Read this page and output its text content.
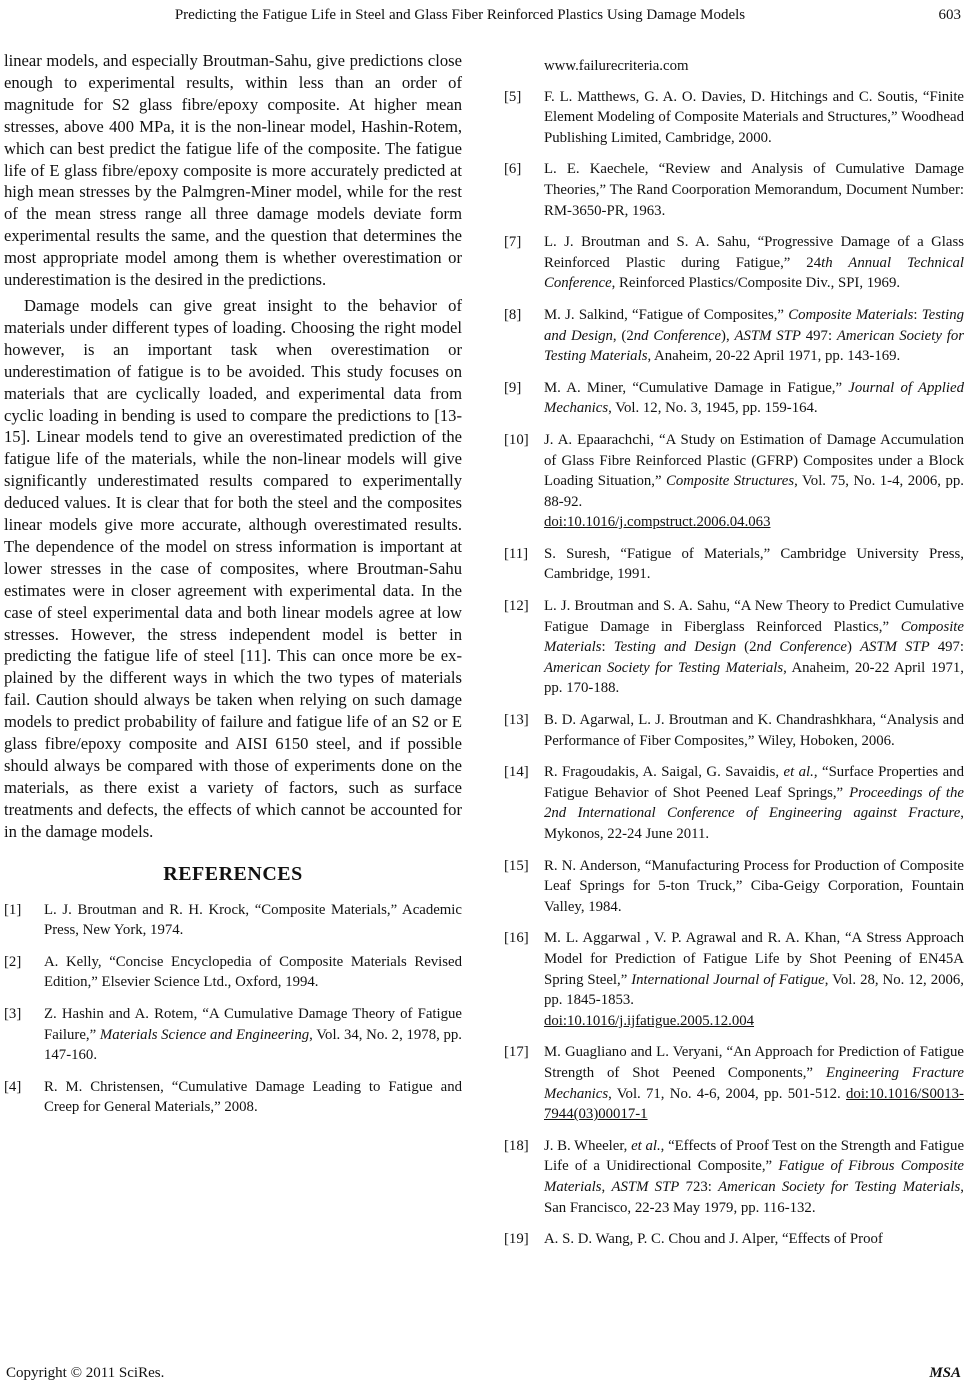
Predicting the Fatigue Life in Steel and Glass Fiber Reinforced Plastics Using Damage Models	603

linear models, and especially Broutman-Sahu, give predictions close enough to experimental results, within less than an order of magnitude for S2 glass fibre/epoxy composite. At higher mean stresses, above 400 MPa, it is the non-linear model, Hashin-Rotem, which can best predict the fatigue life of the composite. The fatigue life of E glass fibre/epoxy composite is more accurately predicted at high mean stresses by the Palmgren-Miner model, while for the rest of the mean stress range all three damage models deviate form experimental results the same, and the question that determines the most appropriate model among them is whether overestimation or underestimation is the desired in the predictions.

Damage models can give great insight to the behavior of materials under different types of loading. Choosing the right model however, is an important task when overestimation or underestimation of fatigue is to be avoided. This study focuses on materials that are cyclically loaded, and experimental data from cyclic loading in bending is used to compare the predictions to [13-15]. Linear models tend to give an overestimated prediction of the fatigue life of the materials, while the non-linear models will give significantly underestimated results compared to experimentally deduced values. It is clear that for both the steel and the composites linear models give more accurate, although overestimated results. The dependence of the model on stress information is important at lower stresses in the case of composites, where Broutman-Sahu estimates were in closer agreement with experimental data. In the case of steel experimental data and both linear models agree at low stresses. However, the stress independent model is better in predicting the fatigue life of steel [11]. This can once more be explained by the different ways in which the two types of materials fail. Caution should always be taken when relying on such damage models to predict probability of failure and fatigue life of an S2 or E glass fibre/epoxy composite and AISI 6150 steel, and if possible should always be compared with those of experiments done on the materials, as there exist a variety of factors, such as surface treatments and defects, the effects of which cannot be accounted for in the damage models.

REFERENCES
[1] L. J. Broutman and R. H. Krock, “Composite Materials,” Academic Press, New York, 1974.
[2] A. Kelly, “Concise Encyclopedia of Composite Materials Revised Edition,” Elsevier Science Ltd., Oxford, 1994.
[3] Z. Hashin and A. Rotem, “A Cumulative Damage Theory of Fatigue Failure,” Materials Science and Engineering, Vol. 34, No. 2, 1978, pp. 147-160.
[4] R. M. Christensen, “Cumulative Damage Leading to Fatigue and Creep for General Materials,” 2008.
www.failurecriteria.com
[5] F. L. Matthews, G. A. O. Davies, D. Hitchings and C. Soutis, “Finite Element Modeling of Composite Materials and Structures,” Woodhead Publishing Limited, Cambridge, 2000.
[6] L. E. Kaechele, “Review and Analysis of Cumulative Damage Theories,” The Rand Coorporation Memorandum, Document Number: RM-3650-PR, 1963.
[7] L. J. Broutman and S. A. Sahu, “Progressive Damage of a Glass Reinforced Plastic during Fatigue,” 24th Annual Technical Conference, Reinforced Plastics/Composite Div., SPI, 1969.
[8] M. J. Salkind, “Fatigue of Composites,” Composite Materials: Testing and Design, (2nd Conference), ASTM STP 497: American Society for Testing Materials, Anaheim, 20-22 April 1971, pp. 143-169.
[9] M. A. Miner, “Cumulative Damage in Fatigue,” Journal of Applied Mechanics, Vol. 12, No. 3, 1945, pp. 159-164.
[10] J. A. Epaarachchi, “A Study on Estimation of Damage Accumulation of Glass Fibre Reinforced Plastic (GFRP) Composites under a Block Loading Situation,” Composite Structures, Vol. 75, No. 1-4, 2006, pp. 88-92.
doi:10.1016/j.compstruct.2006.04.063
[11] S. Suresh, “Fatigue of Materials,” Cambridge University Press, Cambridge, 1991.
[12] L. J. Broutman and S. A. Sahu, “A New Theory to Predict Cumulative Fatigue Damage in Fiberglass Reinforced Plastics,” Composite Materials: Testing and Design (2nd Conference) ASTM STP 497: American Society for Testing Materials, Anaheim, 20-22 April 1971, pp. 170-188.
[13] B. D. Agarwal, L. J. Broutman and K. Chandrashkhara, “Analysis and Performance of Fiber Composites,” Wiley, Hoboken, 2006.
[14] R. Fragoudakis, A. Saigal, G. Savaidis, et al., “Surface Properties and Fatigue Behavior of Shot Peened Leaf Springs,” Proceedings of the 2nd International Conference of Engineering against Fracture, Mykonos, 22-24 June 2011.
[15] R. N. Anderson, “Manufacturing Process for Production of Composite Leaf Springs for 5-ton Truck,” Ciba-Geigy Corporation, Fountain Valley, 1984.
[16] M. L. Aggarwal , V. P. Agrawal and R. A. Khan, “A Stress Approach Model for Prediction of Fatigue Life by Shot Peening of EN45A Spring Steel,” International Journal of Fatigue, Vol. 28, No. 12, 2006, pp. 1845-1853.
doi:10.1016/j.ijfatigue.2005.12.004
[17] M. Guagliano and L. Veryani, “An Approach for Prediction of Fatigue Strength of Shot Peened Components,” Engineering Fracture Mechanics, Vol. 71, No. 4-6, 2004, pp. 501-512. doi:10.1016/S0013-7944(03)00017-1
[18] J. B. Wheeler, et al., “Effects of Proof Test on the Strength and Fatigue Life of a Unidirectional Composite,” Fatigue of Fibrous Composite Materials, ASTM STP 723: American Society for Testing Materials, San Francisco, 22-23 May 1979, pp. 116-132.
[19] A. S. D. Wang, P. C. Chou and J. Alper, “Effects of Proof
Copyright © 2011 SciRes.	MSA
